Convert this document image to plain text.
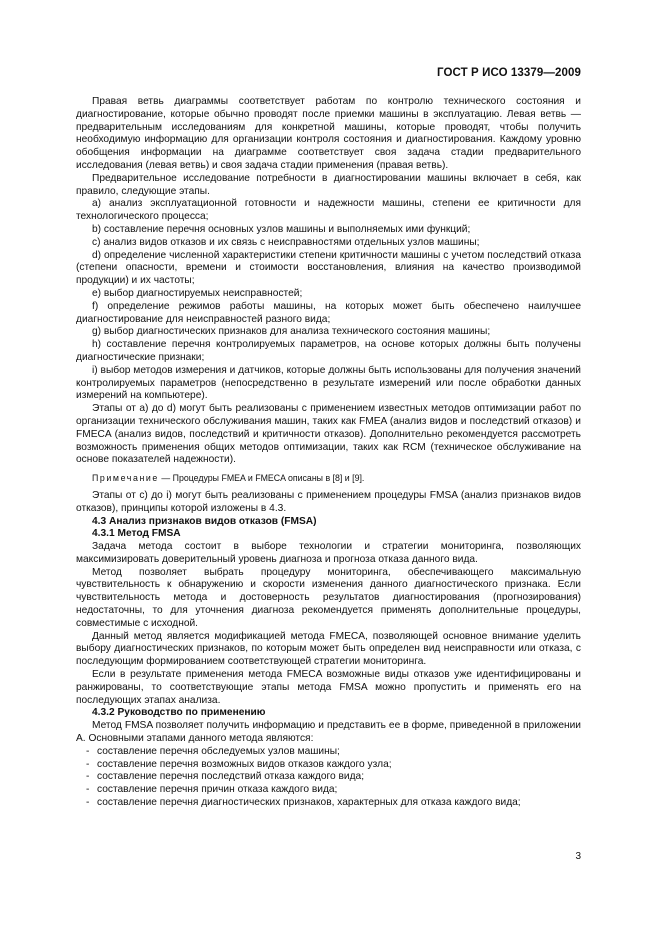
ГОСТ Р ИСО 13379—2009

Правая ветвь диаграммы соответствует работам по контролю технического состояния и диагностирование, которые обычно проводят после приемки машины в эксплуатацию. Левая ветвь — предварительным исследованиям для конкретной машины, которые проводят, чтобы получить необходимую информацию для организации контроля состояния и диагностирования. Каждому уровню обобщения информации на диаграмме соответствует своя задача стадии предварительного исследования (левая ветвь) и своя задача стадии применения (правая ветвь).

Предварительное исследование потребности в диагностировании машины включает в себя, как правило, следующие этапы.

а) анализ эксплуатационной готовности и надежности машины, степени ее критичности для технологического процесса;

b) составление перечня основных узлов машины и выполняемых ими функций;

c) анализ видов отказов и их связь с неисправностями отдельных узлов машины;

d) определение численной характеристики степени критичности машины с учетом последствий отказа (степени опасности, времени и стоимости восстановления, влияния на качество производимой продукции) и их частоты;

e) выбор диагностируемых неисправностей;

f) определение режимов работы машины, на которых может быть обеспечено наилучшее диагностирование для неисправностей разного вида;

g) выбор диагностических признаков для анализа технического состояния машины;

h) составление перечня контролируемых параметров, на основе которых должны быть получены диагностические признаки;

i) выбор методов измерения и датчиков, которые должны быть использованы для получения значений контролируемых параметров (непосредственно в результате измерений или после обработки данных измерений на компьютере).

Этапы от а) до d) могут быть реализованы с применением известных методов оптимизации работ по организации технического обслуживания машин, таких как FMEA (анализ видов и последствий отказов) и FMECA (анализ видов, последствий и критичности отказов). Дополнительно рекомендуется рассмотреть возможность применения общих методов оптимизации, таких как RCM (техническое обслуживание на основе показателей надежности).

Примечание — Процедуры FMEA и FMECA описаны в [8] и [9].

Этапы от с) до i) могут быть реализованы с применением процедуры FMSA (анализ признаков видов отказов), принципы которой изложены в 4.3.

4.3 Анализ признаков видов отказов (FMSA)

4.3.1 Метод FMSA

Задача метода состоит в выборе технологии и стратегии мониторинга, позволяющих максимизировать доверительный уровень диагноза и прогноза отказа данного вида.

Метод позволяет выбрать процедуру мониторинга, обеспечивающего максимальную чувствительность к обнаружению и скорости изменения данного диагностического признака. Если чувствительность метода и достоверность результатов диагностирования (прогнозирования) недостаточны, то для уточнения диагноза рекомендуется применять дополнительные процедуры, совместимые с исходной.

Данный метод является модификацией метода FMECA, позволяющей основное внимание уделить выбору диагностических признаков, по которым может быть определен вид неисправности или отказа, с последующим формированием соответствующей стратегии мониторинга.

Если в результате применения метода FMECA возможные виды отказов уже идентифицированы и ранжированы, то соответствующие этапы метода FMSA можно пропустить и применять его на последующих этапах анализа.

4.3.2 Руководство по применению

Метод FMSA позволяет получить информацию и представить ее в форме, приведенной в приложении А. Основными этапами данного метода являются:

- составление перечня обследуемых узлов машины;

- составление перечня возможных видов отказов каждого узла;

- составление перечня последствий отказа каждого вида;

- составление перечня причин отказа каждого вида;

- составление перечня диагностических признаков, характерных для отказа каждого вида;

3
